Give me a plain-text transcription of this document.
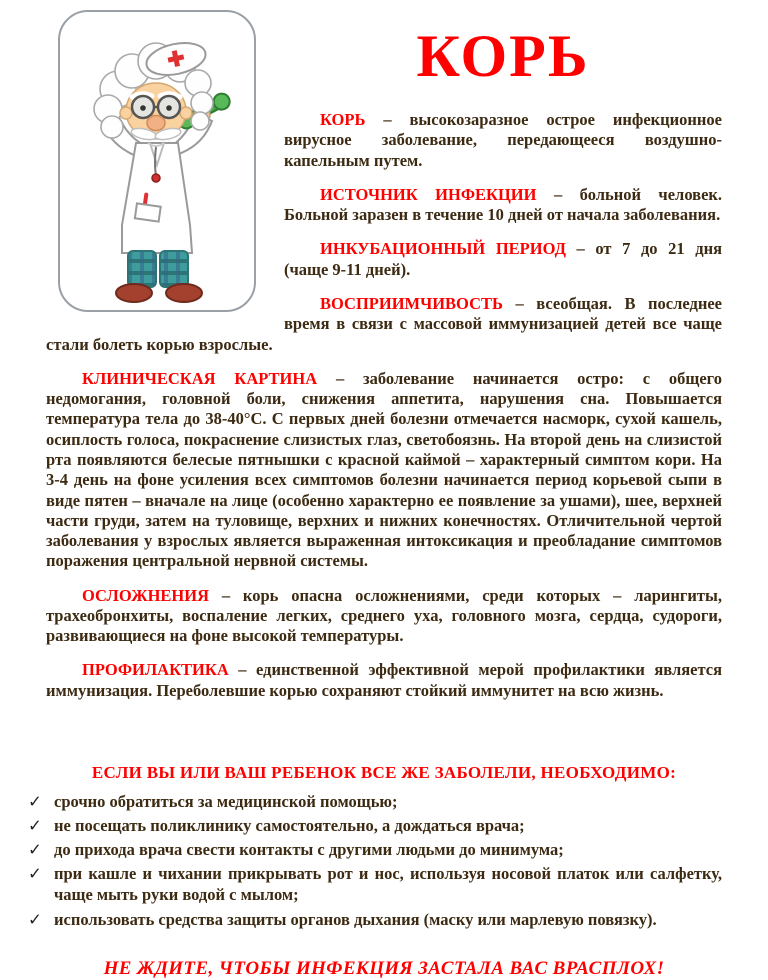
КОРЬ

КОРЬ – высокозаразное острое инфекционное вирусное заболевание, передающееся воздушно-капельным путем.

ИСТОЧНИК ИНФЕКЦИИ – больной человек. Больной заразен в течение 10 дней от начала заболевания.

ИНКУБАЦИОННЫЙ ПЕРИОД – от 7 до 21 дня (чаще 9-11 дней).

ВОСПРИИМЧИВОСТЬ – всеобщая. В последнее время в связи с массовой иммунизацией детей все чаще стали болеть корью взрослые.

КЛИНИЧЕСКАЯ КАРТИНА – заболевание начинается остро: с общего недомогания, головной боли, снижения аппетита, нарушения сна. Повышается температура тела до 38-40°С. С первых дней болезни отмечается насморк, сухой кашель, осиплость голоса, покраснение слизистых глаз, светобоязнь. На второй день на слизистой рта появляются белесые пятнышки с красной каймой – характерный симптом кори. На 3-4 день на фоне усиления всех симптомов болезни начинается период корьевой сыпи в виде пятен – вначале на лице (особенно характерно ее появление за ушами), шее, верхней части груди, затем на туловище, верхних и нижних конечностях. Отличительной чертой заболевания у взрослых является выраженная интоксикация и преобладание симптомов поражения центральной нервной системы.

ОСЛОЖНЕНИЯ – корь опасна осложнениями, среди которых – ларингиты, трахеобронхиты, воспаление легких, среднего уха, головного мозга, сердца, судороги, развивающиеся на фоне высокой температуры.

ПРОФИЛАКТИКА – единственной эффективной мерой профилактики является иммунизация. Переболевшие корью сохраняют стойкий иммунитет на всю жизнь.

ЕСЛИ ВЫ ИЛИ ВАШ РЕБЕНОК ВСЕ ЖЕ ЗАБОЛЕЛИ, НЕОБХОДИМО:

✓ срочно обратиться за медицинской помощью;
✓ не посещать поликлинику самостоятельно, а дождаться врача;
✓ до прихода врача свести контакты с другими людьми до минимума;
✓ при кашле и чихании прикрывать рот и нос, используя носовой платок или салфетку, чаще мыть руки водой с мылом;
✓ использовать средства защиты органов дыхания (маску или марлевую повязку).

НЕ ЖДИТЕ, ЧТОБЫ ИНФЕКЦИЯ ЗАСТАЛА ВАС ВРАСПЛОХ!
